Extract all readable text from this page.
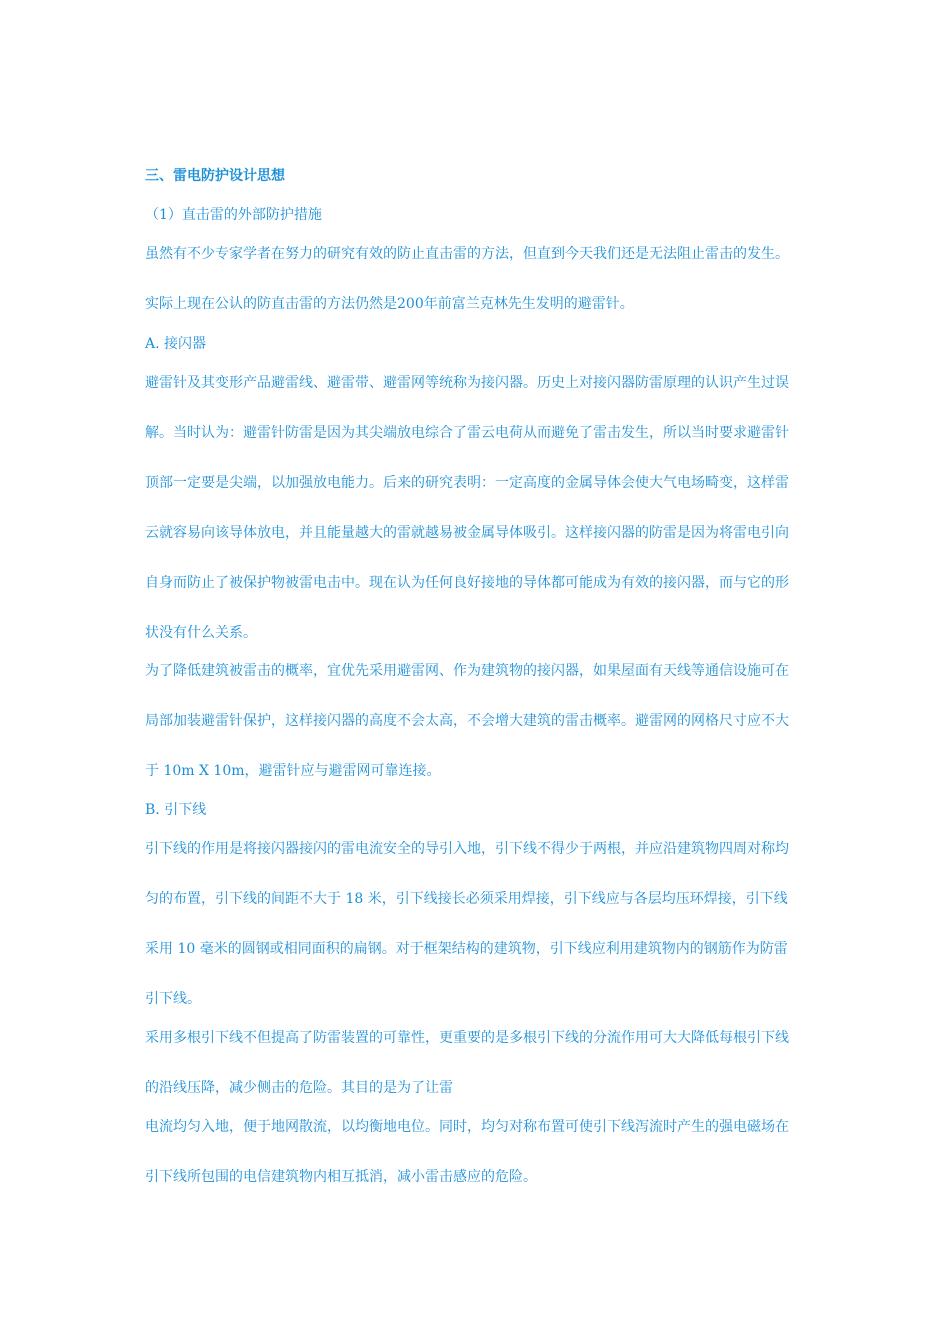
三、雷电防护设计思想
（1）直击雷的外部防护措施
虽然有不少专家学者在努力的研究有效的防止直击雷的方法，但直到今天我们还是无法阻止雷击的发生。
实际上现在公认的防直击雷的方法仍然是200年前富兰克林先生发明的避雷针。
A. 接闪器
避雷针及其变形产品避雷线、避雷带、避雷网等统称为接闪器。历史上对接闪器防雷原理的认识产生过误
解。当时认为：避雷针防雷是因为其尖端放电综合了雷云电荷从而避免了雷击发生，所以当时要求避雷针
顶部一定要是尖端，以加强放电能力。后来的研究表明：一定高度的金属导体会使大气电场畸变，这样雷
云就容易向该导体放电，并且能量越大的雷就越易被金属导体吸引。这样接闪器的防雷是因为将雷电引向
自身而防止了被保护物被雷电击中。现在认为任何良好接地的导体都可能成为有效的接闪器，而与它的形
状没有什么关系。
为了降低建筑被雷击的概率，宜优先采用避雷网、作为建筑物的接闪器，如果屋面有天线等通信设施可在
局部加装避雷针保护，这样接闪器的高度不会太高，不会增大建筑的雷击概率。避雷网的网格尺寸应不大
于 10m X 10m，避雷针应与避雷网可靠连接。
B. 引下线
引下线的作用是将接闪器接闪的雷电流安全的导引入地，引下线不得少于两根，并应沿建筑物四周对称均
匀的布置，引下线的间距不大于 18 米，引下线接长必须采用焊接，引下线应与各层均压环焊接，引下线
采用 10 毫米的圆钢或相同面积的扁钢。对于框架结构的建筑物，引下线应利用建筑物内的钢筋作为防雷
引下线。
采用多根引下线不但提高了防雷装置的可靠性，更重要的是多根引下线的分流作用可大大降低每根引下线
的沿线压降，减少侧击的危险。其目的是为了让雷
电流均匀入地，便于地网散流，以均衡地电位。同时，均匀对称布置可使引下线泻流时产生的强电磁场在
引下线所包围的电信建筑物内相互抵消，减小雷击感应的危险。
